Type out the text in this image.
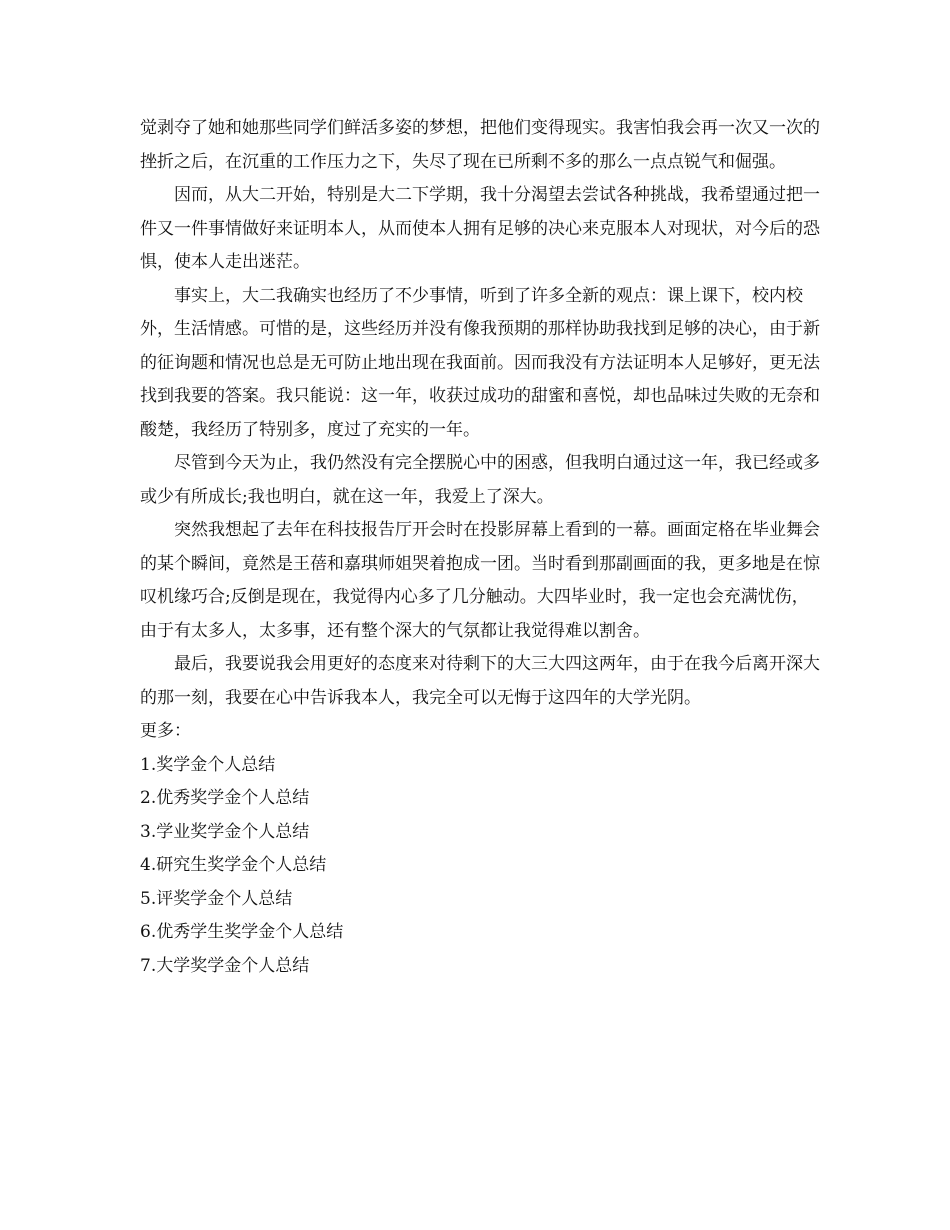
觉剥夺了她和她那些同学们鲜活多姿的梦想，把他们变得现实。我害怕我会再一次又一次的挫折之后，在沉重的工作压力之下，失尽了现在已所剩不多的那么一点点锐气和倔强。

因而，从大二开始，特别是大二下学期，我十分渴望去尝试各种挑战，我希望通过把一件又一件事情做好来证明本人，从而使本人拥有足够的决心来克服本人对现状，对今后的恐惧，使本人走出迷茫。

事实上，大二我确实也经历了不少事情，听到了许多全新的观点：课上课下，校内校外，生活情感。可惜的是，这些经历并没有像我预期的那样协助我找到足够的决心，由于新的征询题和情况也总是无可防止地出现在我面前。因而我没有方法证明本人足够好，更无法找到我要的答案。我只能说：这一年，收获过成功的甜蜜和喜悦，却也品味过失败的无奈和酸楚，我经历了特别多，度过了充实的一年。

尽管到今天为止，我仍然没有完全摆脱心中的困惑，但我明白通过这一年，我已经或多或少有所成长;我也明白，就在这一年，我爱上了深大。

突然我想起了去年在科技报告厅开会时在投影屏幕上看到的一幕。画面定格在毕业舞会的某个瞬间，竟然是王蓓和嘉琪师姐哭着抱成一团。当时看到那副画面的我，更多地是在惊叹机缘巧合;反倒是现在，我觉得内心多了几分触动。大四毕业时，我一定也会充满忧伤，由于有太多人，太多事，还有整个深大的气氛都让我觉得难以割舍。

最后，我要说我会用更好的态度来对待剩下的大三大四这两年，由于在我今后离开深大的那一刻，我要在心中告诉我本人，我完全可以无悔于这四年的大学光阴。

更多：

1.奖学金个人总结
2.优秀奖学金个人总结
3.学业奖学金个人总结
4.研究生奖学金个人总结
5.评奖学金个人总结
6.优秀学生奖学金个人总结
7.大学奖学金个人总结
